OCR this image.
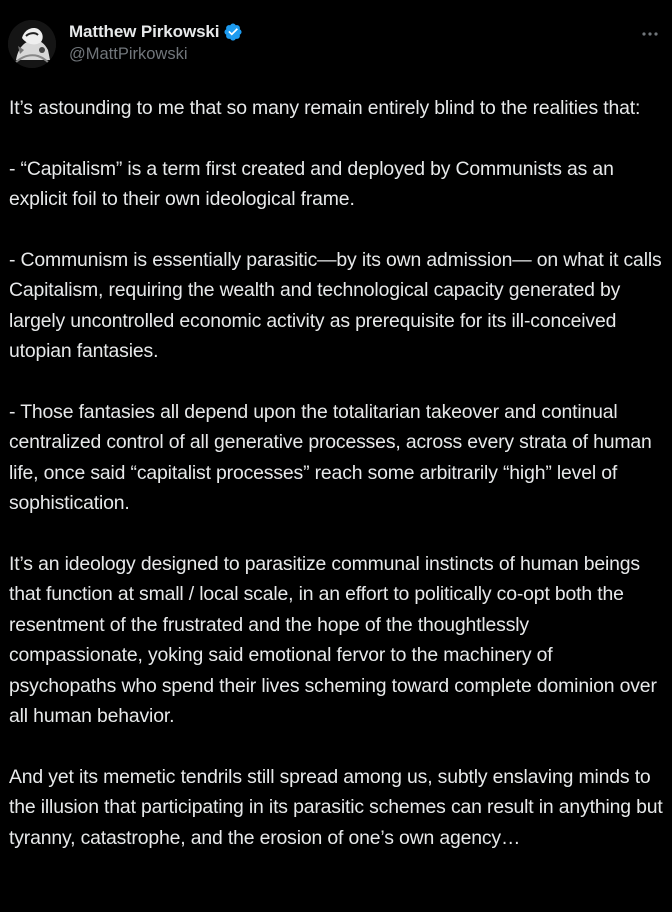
Matthew Pirkowski
@MattPirkowski

It’s astounding to me that so many remain entirely blind to the realities that:

- “Capitalism” is a term first created and deployed by Communists as an explicit foil to their own ideological frame.

- Communism is essentially parasitic—by its own admission— on what it calls Capitalism, requiring the wealth and technological capacity generated by largely uncontrolled economic activity as prerequisite for its ill-conceived utopian fantasies.

- Those fantasies all depend upon the totalitarian takeover and continual centralized control of all generative processes, across every strata of human life, once said “capitalist processes” reach some arbitrarily “high” level of sophistication.

It’s an ideology designed to parasitize communal instincts of human beings that function at small / local scale, in an effort to politically co-opt both the resentment of the frustrated and the hope of the thoughtlessly compassionate, yoking said emotional fervor to the machinery of psychopaths who spend their lives scheming toward complete dominion over all human behavior.

And yet its memetic tendrils still spread among us, subtly enslaving minds to the illusion that participating in its parasitic schemes can result in anything but tyranny, catastrophe, and the erosion of one’s own agency…
